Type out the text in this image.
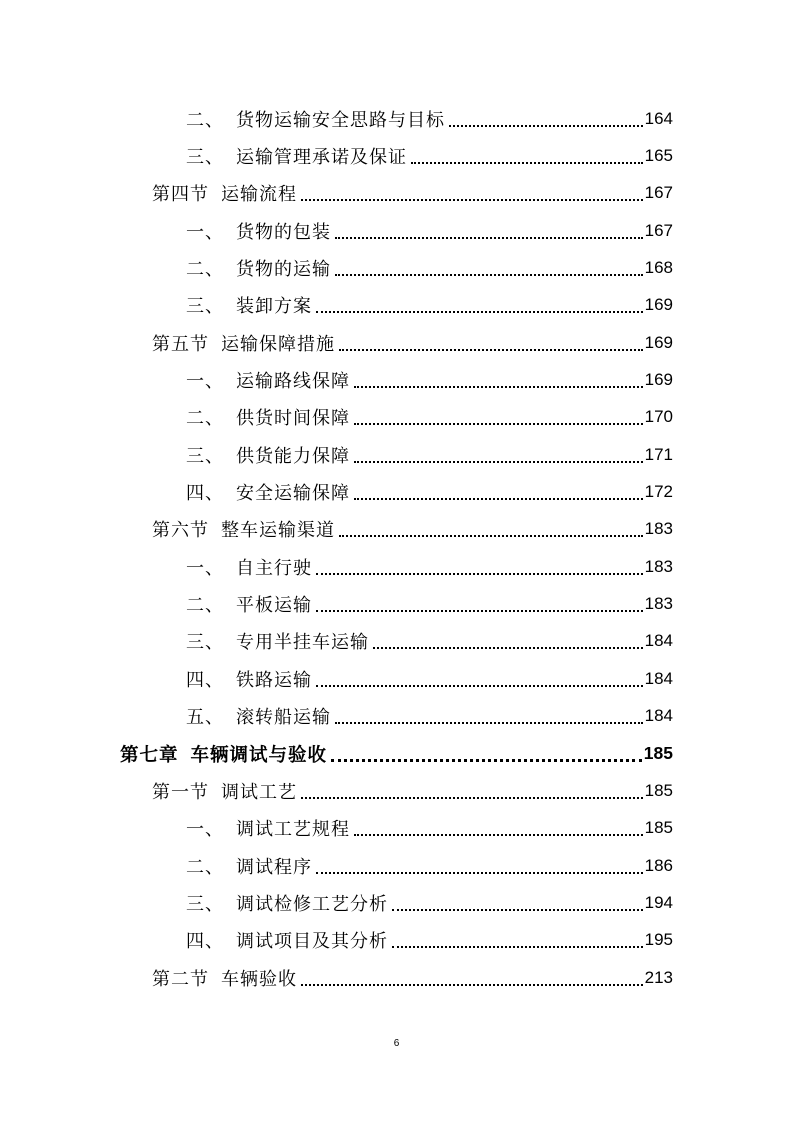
二、 货物运输安全思路与目标	164
三、 运输管理承诺及保证	165
第四节 运输流程	167
一、 货物的包装	167
二、 货物的运输	168
三、 装卸方案	169
第五节 运输保障措施	169
一、 运输路线保障	169
二、 供货时间保障	170
三、 供货能力保障	171
四、 安全运输保障	172
第六节 整车运输渠道	183
一、 自主行驶	183
二、 平板运输	183
三、 专用半挂车运输	184
四、 铁路运输	184
五、 滚转船运输	184
第七章 车辆调试与验收	185
第一节 调试工艺	185
一、 调试工艺规程	185
二、 调试程序	186
三、 调试检修工艺分析	194
四、 调试项目及其分析	195
第二节 车辆验收	213
6
